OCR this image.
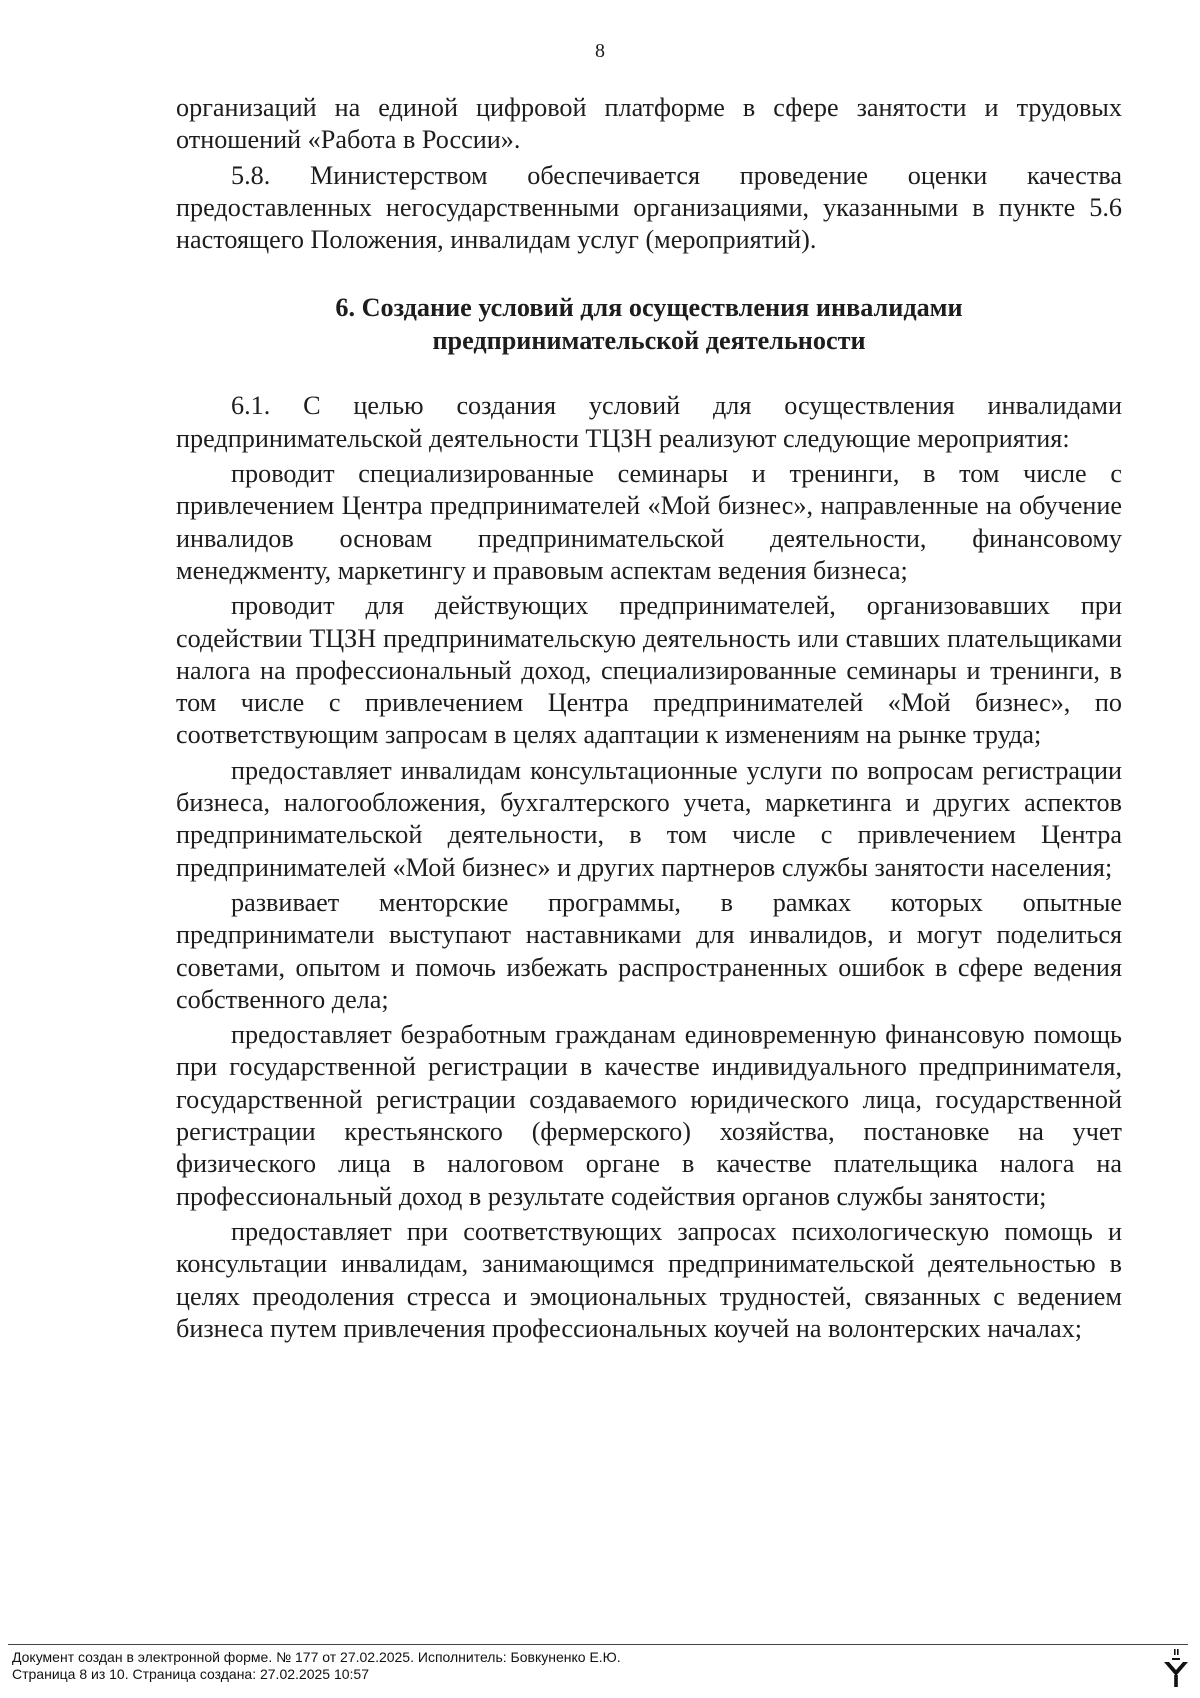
8

организаций на единой цифровой платформе в сфере занятости и трудовых отношений «Работа в России».

5.8. Министерством обеспечивается проведение оценки качества предоставленных негосударственными организациями, указанными в пункте 5.6 настоящего Положения, инвалидам услуг (мероприятий).

6. Создание условий для осуществления инвалидами
предпринимательской деятельности

6.1. С целью создания условий для осуществления инвалидами предпринимательской деятельности ТЦЗН реализуют следующие мероприятия:

проводит специализированные семинары и тренинги, в том числе с привлечением Центра предпринимателей «Мой бизнес», направленные на обучение инвалидов основам предпринимательской деятельности, финансовому менеджменту, маркетингу и правовым аспектам ведения бизнеса;

проводит для действующих предпринимателей, организовавших при содействии ТЦЗН предпринимательскую деятельность или ставших плательщиками налога на профессиональный доход, специализированные семинары и тренинги, в том числе с привлечением Центра предпринимателей «Мой бизнес», по соответствующим запросам в целях адаптации к изменениям на рынке труда;

предоставляет инвалидам консультационные услуги по вопросам регистрации бизнеса, налогообложения, бухгалтерского учета, маркетинга и других аспектов предпринимательской деятельности, в том числе с привлечением Центра предпринимателей «Мой бизнес» и других партнеров службы занятости населения;

развивает менторские программы, в рамках которых опытные предприниматели выступают наставниками для инвалидов, и могут поделиться советами, опытом и помочь избежать распространенных ошибок в сфере ведения собственного дела;

предоставляет безработным гражданам единовременную финансовую помощь при государственной регистрации в качестве индивидуального предпринимателя, государственной регистрации создаваемого юридического лица, государственной регистрации крестьянского (фермерского) хозяйства, постановке на учет физического лица в налоговом органе в качестве плательщика налога на профессиональный доход в результате содействия органов службы занятости;

предоставляет при соответствующих запросах психологическую помощь и консультации инвалидам, занимающимся предпринимательской деятельностью в целях преодоления стресса и эмоциональных трудностей, связанных с ведением бизнеса путем привлечения профессиональных коучей на волонтерских началах;

Документ создан в электронной форме. № 177 от 27.02.2025. Исполнитель: Бовкуненко Е.Ю.
Страница 8 из 10. Страница создана: 27.02.2025 10:57
